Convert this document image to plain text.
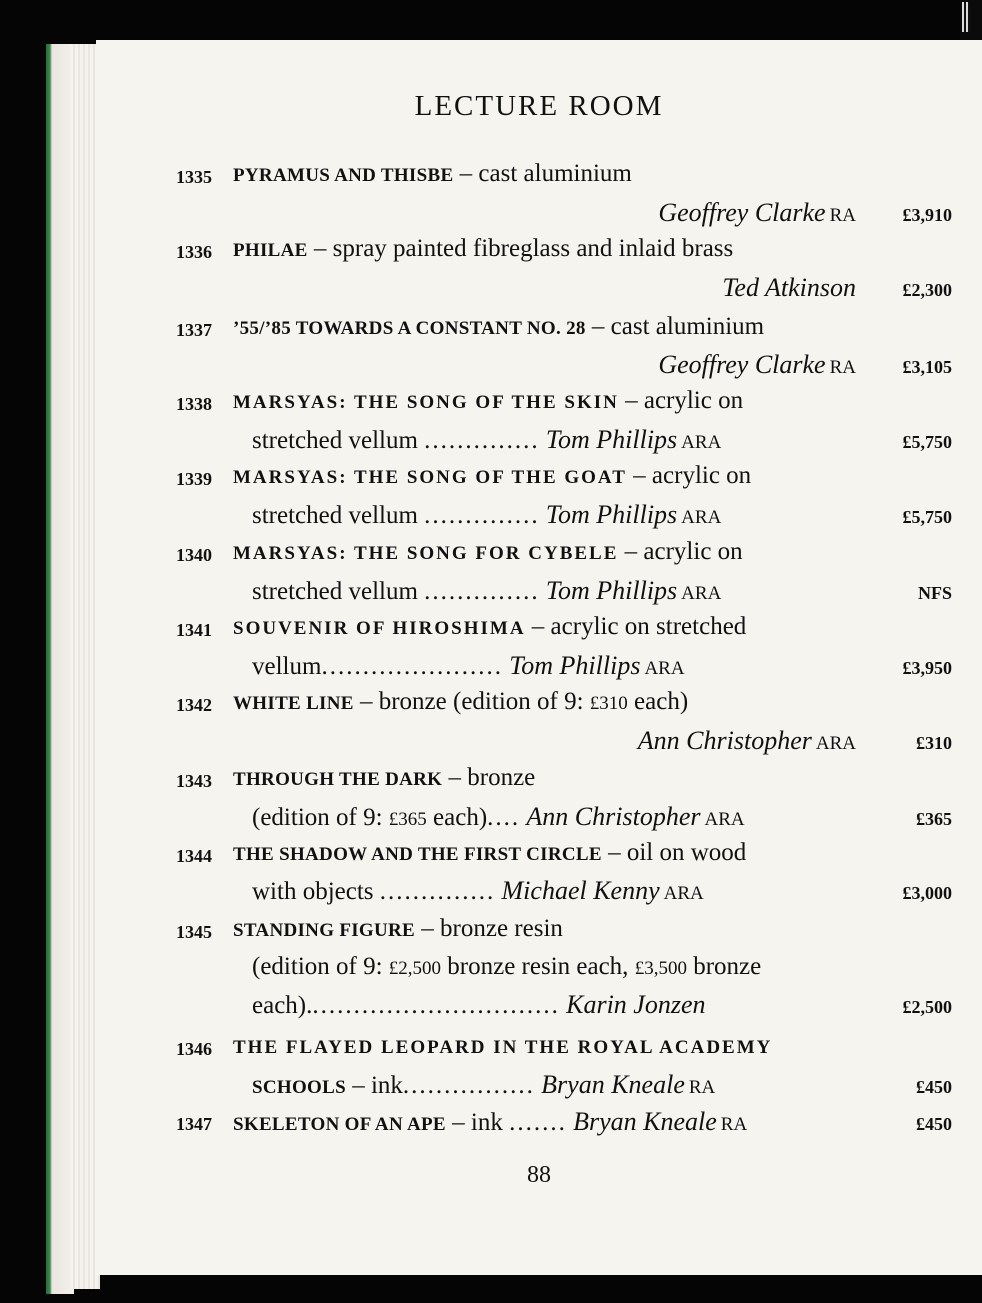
LECTURE ROOM
1335 PYRAMUS AND THISBE – cast aluminium
Geoffrey Clarke RA	£3,910
1336 PHILAE – spray painted fibreglass and inlaid brass
Ted Atkinson	£2,300
1337 ’55/’85 TOWARDS A CONSTANT NO. 28 – cast aluminium
Geoffrey Clarke RA	£3,105
1338 MARSYAS: THE SONG OF THE SKIN – acrylic on
stretched vellum .............. Tom Phillips ARA	£5,750
1339 MARSYAS: THE SONG OF THE GOAT – acrylic on
stretched vellum .............. Tom Phillips ARA	£5,750
1340 MARSYAS: THE SONG FOR CYBELE – acrylic on
stretched vellum .............. Tom Phillips ARA	NFS
1341 SOUVENIR OF HIROSHIMA – acrylic on stretched
vellum...................... Tom Phillips ARA	£3,950
1342 WHITE LINE – bronze (edition of 9: £310 each)
Ann Christopher ARA	£310
1343 THROUGH THE DARK – bronze
(edition of 9: £365 each).... Ann Christopher ARA	£365
1344 THE SHADOW AND THE FIRST CIRCLE – oil on wood
with objects .............. Michael Kenny ARA	£3,000
1345 STANDING FIGURE – bronze resin
(edition of 9: £2,500 bronze resin each, £3,500 bronze
each)............................... Karin Jonzen	£2,500
1346 THE FLAYED LEOPARD IN THE ROYAL ACADEMY
SCHOOLS – ink................ Bryan Kneale RA	£450
1347 SKELETON OF AN APE – ink ....... Bryan Kneale RA	£450
88
